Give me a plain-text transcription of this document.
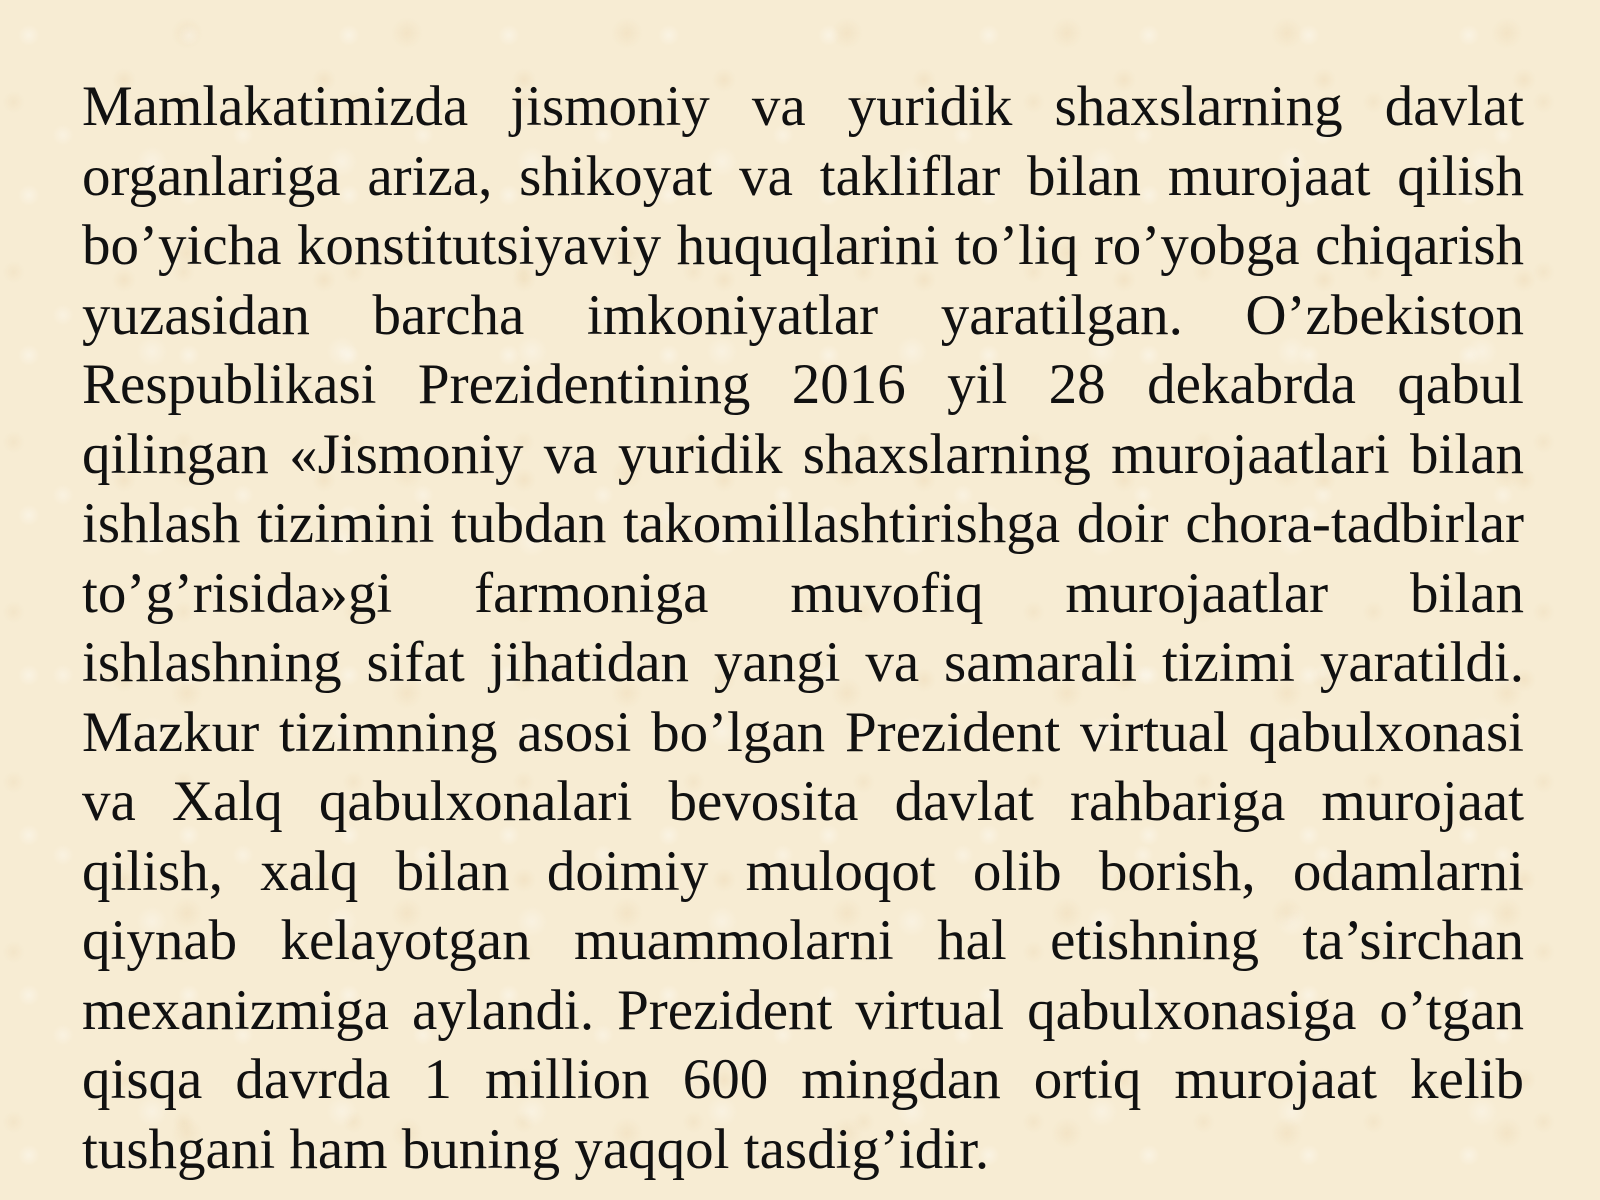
Mamlakatimizda jismoniy va yuridik shaxslarning davlat organlariga ariza, shikoyat va takliflar bilan murojaat qilish bo’yicha konstitutsiyaviy huquqlarini to’liq ro’yobga chiqarish yuzasidan barcha imkoniyatlar yaratilgan. O’zbekiston Respublikasi Prezidentining 2016 yil 28 dekabrda qabul qilingan «Jismoniy va yuridik shaxslarning murojaatlari bilan ishlash tizimini tubdan takomillashtirishga doir chora-tadbirlar to’g’risida»gi farmoniga muvofiq murojaatlar bilan ishlashning sifat jihatidan yangi va samarali tizimi yaratildi. Mazkur tizimning asosi bo’lgan Prezident virtual qabulxonasi va Xalq qabulxonalari bevosita davlat rahbariga murojaat qilish, xalq bilan doimiy muloqot olib borish, odamlarni qiynab kelayotgan muammolarni hal etishning ta’sirchan mexanizmiga aylandi. Prezident virtual qabulxonasiga o’tgan qisqa davrda 1 million 600 mingdan ortiq murojaat kelib tushgani ham buning yaqqol tasdig’idir.
